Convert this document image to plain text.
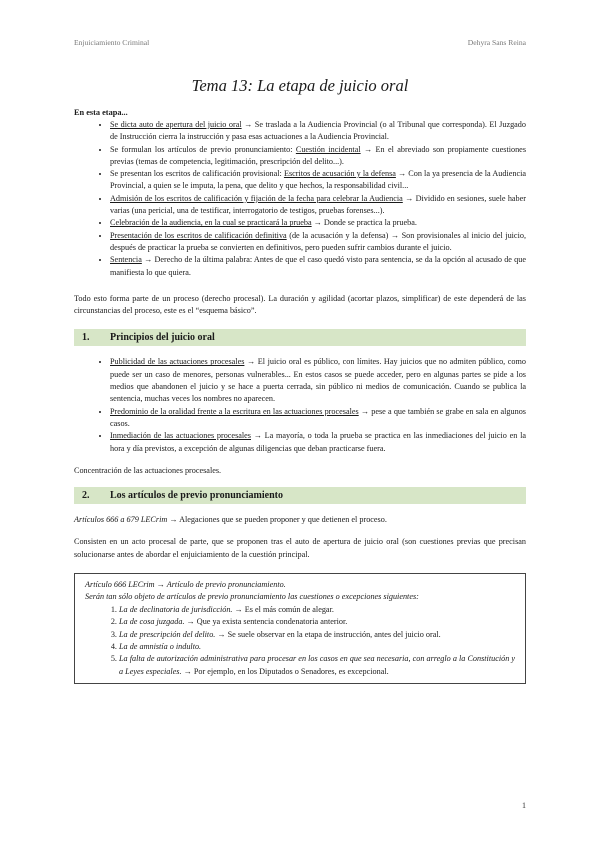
Enjuiciamiento Criminal	Dehyra Sans Reina
Tema 13: La etapa de juicio oral

En esta etapa...

• Se dicta auto de apertura del juicio oral → Se traslada a la Audiencia Provincial (o al Tribunal que corresponda). El Juzgado de Instrucción cierra la instrucción y pasa esas actuaciones a la Audiencia Provincial.
• Se formulan los artículos de previo pronunciamiento: Cuestión incidental → En el abreviado son propiamente cuestiones previas (temas de competencia, legitimación, prescripción del delito...).
• Se presentan los escritos de calificación provisional: Escritos de acusación y la defensa → Con la ya presencia de la Audiencia Provincial, a quien se le imputa, la pena, que delito y que hechos, la responsabilidad civil...
• Admisión de los escritos de calificación y fijación de la fecha para celebrar la Audiencia → Dividido en sesiones, suele haber varias (una pericial, una de testificar, interrogatorio de testigos, pruebas forenses...).
• Celebración de la audiencia, en la cual se practicará la prueba → Donde se practica la prueba.
• Presentación de los escritos de calificación definitiva (de la acusación y la defensa) → Son provisionales al inicio del juicio, después de practicar la prueba se convierten en definitivos, pero pueden sufrir cambios durante el juicio.
• Sentencia → Derecho de la última palabra: Antes de que el caso quedó visto para sentencia, se da la opción al acusado de que manifiesta lo que quiera.

Todo esto forma parte de un proceso (derecho procesal). La duración y agilidad (acortar plazos, simplificar) de este dependerá de las circunstancias del proceso, este es el “esquema básico”.

1.	Principios del juicio oral
• Publicidad de las actuaciones procesales → El juicio oral es público, con límites. Hay juicios que no admiten público, como puede ser un caso de menores, personas vulnerables... En estos casos se puede acceder, pero en algunas partes se pide a los medios que abandonen el juicio y se hace a puerta cerrada, sin público ni medios de comunicación. Cuando se publica la sentencia, muchas veces los nombres no aparecen.
• Predominio de la oralidad frente a la escritura en las actuaciones procesales → pese a que también se grabe en sala en algunos casos.
• Inmediación de las actuaciones procesales → La mayoría, o toda la prueba se practica en las inmediaciones del juicio en la hora y día previstos, a excepción de algunas diligencias que deban practicarse fuera.

Concentración de las actuaciones procesales.

2.	Los artículos de previo pronunciamiento

Artículos 666 a 679 LECrim → Alegaciones que se pueden proponer y que detienen el proceso.

Consisten en un acto procesal de parte, que se proponen tras el auto de apertura de juicio oral (son cuestiones previas que precisan solucionarse antes de abordar el enjuiciamiento de la cuestión principal.

Artículo 666 LECrim → Artículo de previo pronunciamiento.

Serán tan sólo objeto de artículos de previo pronunciamiento las cuestiones o excepciones siguientes:

1. La de declinatoria de jurisdicción. → Es el más común de alegar.
2. La de cosa juzgada. → Que ya exista sentencia condenatoria anterior.
3. La de prescripción del delito. → Se suele observar en la etapa de instrucción, antes del juicio oral.
4. La de amnistía o indulto.
5. La falta de autorización administrativa para procesar en los casos en que sea necesaria, con arreglo a la Constitución y a Leyes especiales. → Por ejemplo, en los Diputados o Senadores, es excepcional.
1
